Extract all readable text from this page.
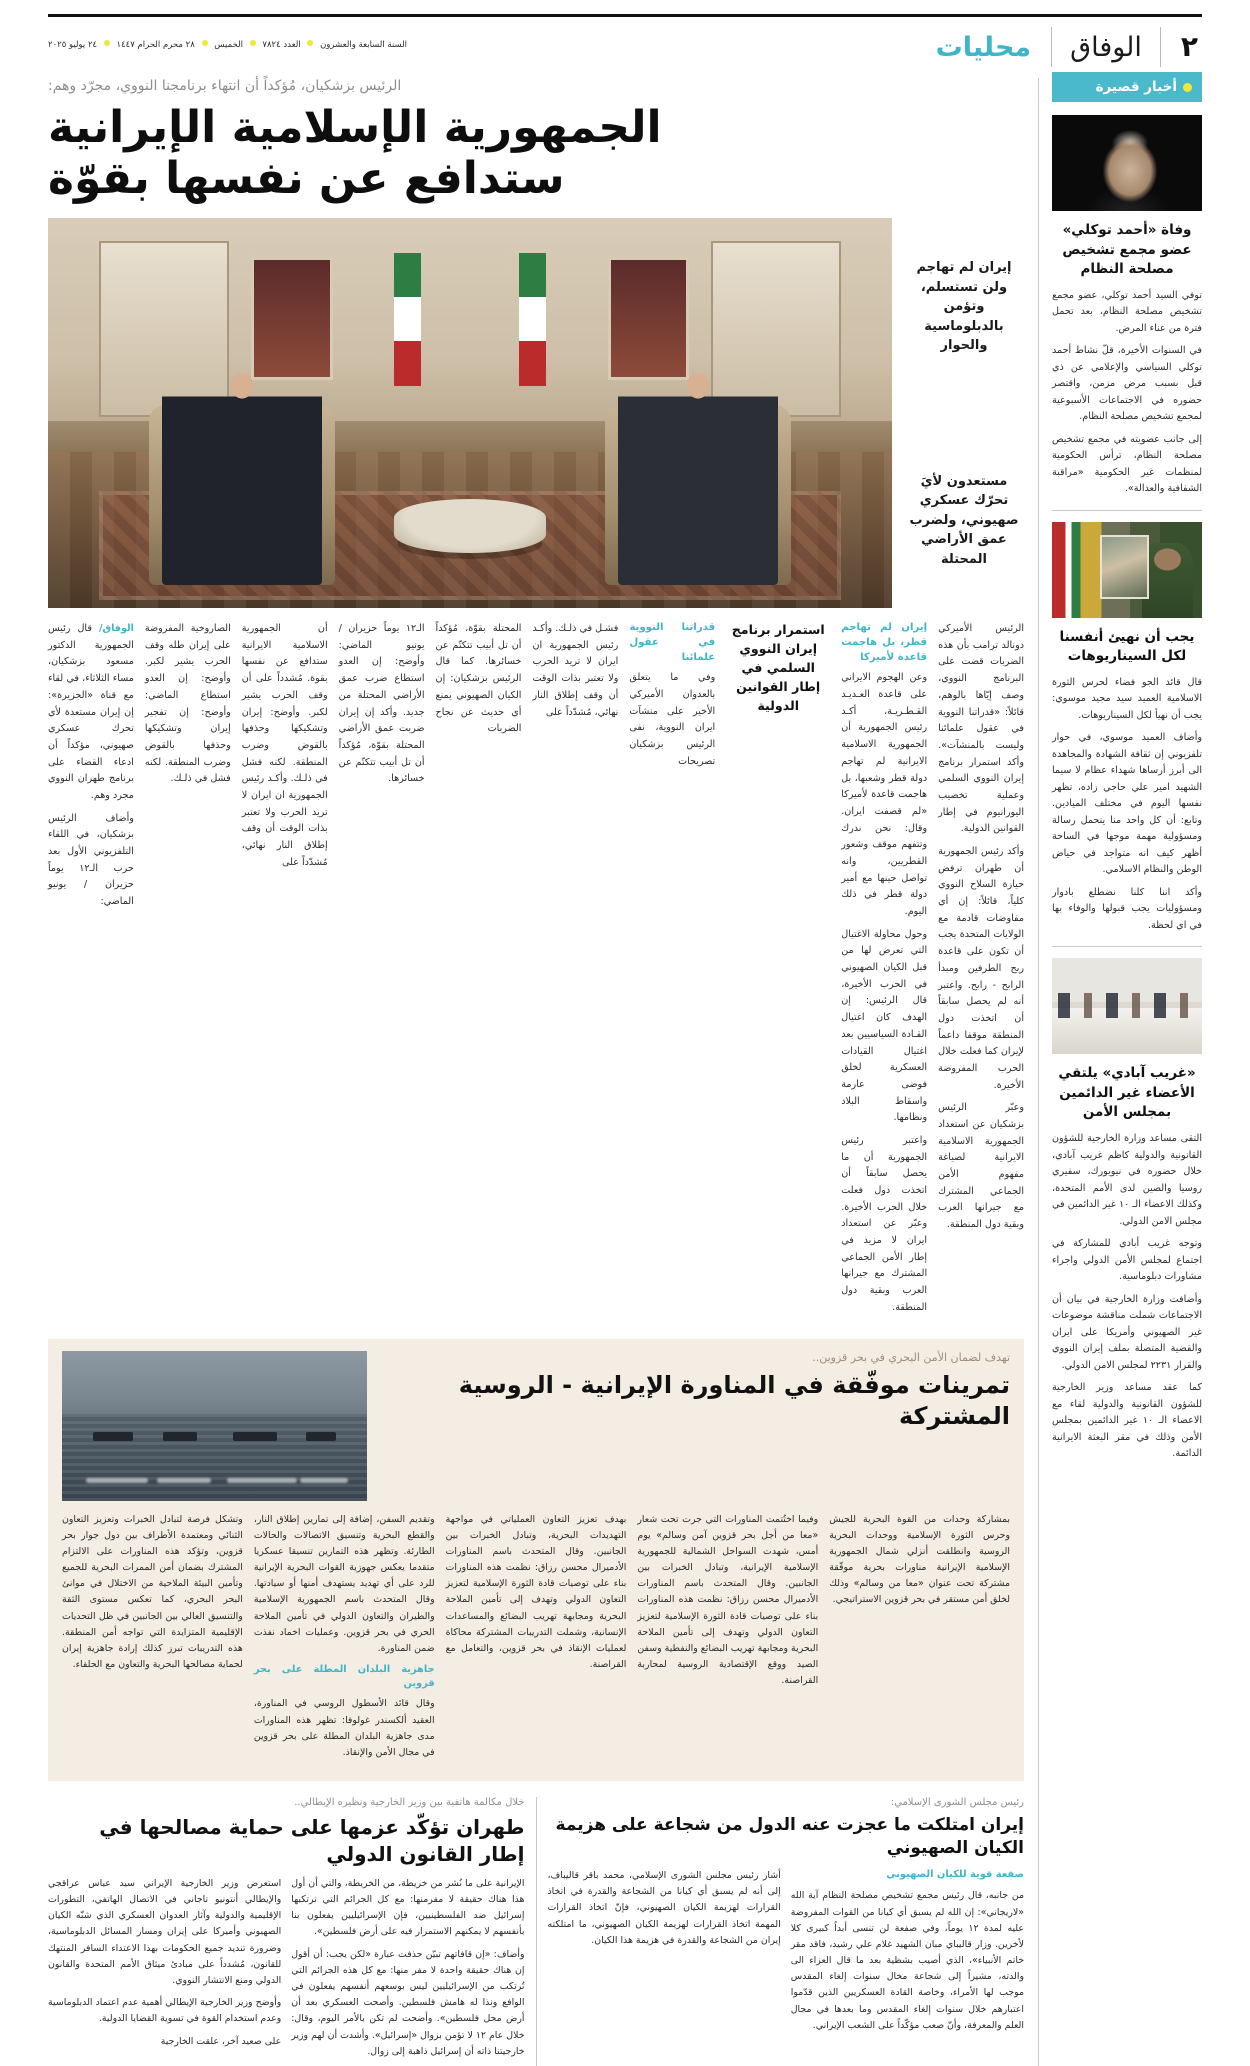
٢
الوفاق
محليات
السنة السابعة والعشرون  العدد ٧٨٢٤  الخميس  ٢٨ محرم الحرام ١٤٤٧  ٢٤ يوليو ٢٠٢٥
أخبار قصيرة
وفاة «أحمد توكلي» عضو مجمع تشخيص مصلحة النظام

توفي السيد أحمد توكلي، عضو مجمع تشخيص مصلحة النظام، بعد تحمل فترة من عناء المرض.

في السنوات الأخيرة، قلّ نشاط أحمد توكلي السياسي والإعلامي عن ذي قبل بسبب مرض مزمن، واقتصر حضوره في الاجتماعات الأسبوعية لمجمع تشخيص مصلحة النظام.

إلى جانب عضويته في مجمع تشخيص مصلحة النظام، ترأس الحكومية لمنظمات غير الحكومية «مراقبة الشفافية والعدالة».

يجب أن نهيئ أنفسنا لكل السيناريوهات

قال قائد الجو فضاء لحرس الثورة الاسلامية العميد سيد مجيد موسوي: يجب أن نهيأ لكل السيناريوهات.

وأضاف العميد موسوي، في حوار تلفزيوني إن ثقافة الشهادة والمجاهدة الى أبرز أرساها شهداء عظام لا سيما الشهيد امير علي حاجي زاده، تظهر نفسها اليوم في مختلف الميادين. وتابع: أن كل واحد منا يتحمل رسالة ومسؤولية مهمة موجها في الساحة أظهر كيف انه متواجد في حياض الوطن والنظام الاسلامي.

وأكد اننا كلنا نضطلع بادوار ومسؤوليات يجب قبولها والوفاء بها في اي لحظة.

«غريب آبادي» يلتقي الأعضاء غير الدائمين بمجلس الأمن

التقى مساعد وزارة الخارجية للشؤون القانونية والدولية كاظم غريب آبادي، خلال حضوره في نيويورك، سفيري روسيا والصين لدى الأمم المتحدة، وكذلك الاعضاء الـ ١٠ غير الدائمين في مجلس الامن الدولي.

وتوجه غريب أبادي للمشاركة في اجتماع لمجلس الأمن الدولي واجراء مشاورات دبلوماسية.

وأضافت وزارة الخارجية في بيان أن الاجتماعات شملت مناقشة موضوعات غير الصهيوني وأمريكا على ايران والقضية المتصلة بملف إيران النووي والقرار ٢٢٣١ لمجلس الامن الدولي.

كما عقد مساعد وزير الخارجية للشؤون القانونية والدولية لقاء مع الاعضاء الـ ١٠ غير الدائمين بمجلس الأمن وذلك في مقر البعثة الايرانية الدائمة.

الرئيس بزشكيان، مُؤكداً أن انتهاء برنامجنا النووي، مجرّد وهم:
الجمهورية الإسلامية الإيرانية
ستدافع عن نفسها بقوّة
إيران لم تهاجم ولن تستسلم، وتؤمن بالدبلوماسية والحوار
مستعدون لأيَ تحرّك عسكري صهيوني، ولضرب عمق الأراضي المحتلة

الرئيس الأميركي دونالد ترامب بأن هذه الضربات قضت على البرنامج النووي، وصف إيّاها بالوهم، قائلاً: «قدراتنا النووية في عقول علمائنا وليست بالمنشآت». وأكد استمرار برنامج إيران النووي السلمي وعملية تخصيب اليورانيوم في إطار القوانين الدولية.

وأكد رئيس الجمهورية أن طهران ترفض حيازة السلاح النووي كلياً، قائلاً: إن أي مفاوضات قادمة مع الولايات المتحدة يجب أن تكون على قاعدة ربح الطرفين ومبدأ الرابح - رابح. واعتبر أنه لم يحصل سابقاً أن اتخذت دول المنطقة موقفا داعماً لإيران كما فعلت خلال الحرب المفروضة الأخيرة.

وعبّر الرئيس بزشكيان عن استعداد الجمهورية الاسلامية الايرانية لصياغة مفهوم الأمن الجماعي المشترك مع جيرانها العرب وبقية دول المنطقة.

إيران لم تهاجم قطر، بل هاجمت قاعدة لأميركا

وعن الهجوم الايراني على قاعدة العـديـد القـطـريـة، أكـد رئيس الجمهورية أن الجمهورية الاسلامية الايرانية لم تهاجم دولة قطر وشعبها، بل هاجمت قاعدة لأميركا «لم قصفت ايران. وقال: نحن ندرك وتتفهم موقف وشعور القطريين، وانه تواصل حينها مع أمير دولة قطر في ذلك اليوم.

وحول محاولة الاغتيال التي تعرض لها من قبل الكيان الصهيوني في الحرب الأخيرة، قال الرئيس: إن الهدف كان اغتيال القـادة السياسيين بعد اغتيال القيادات العسكرية لخلق فوضى عارمة واسقاط البلاد ونظامها.

واعتبر رئيس الجمهورية أن ما يحصل سابقاً أن اتخذت دول فعلت خلال الحرب الأخيرة. وعبّر عن استعداد ايران لا مزيد في إطار الأمن الجماعي المشترك مع جيرانها العرب وبقية دول المنطقة.

استمرار برنامج إيران النووي السلمي في إطار القوانين الدولية

قدراتنا النووية في عقول علمائنا

وفي ما يتعلق بالعدوان الأميركي الأخير على منشآت ايران النووية، نفى الرئيس بزشكيان تصريحات

فشـل في ذلـك. وأكـد رئيس الجمهورية ان ايران لا تريد الحرب ولا تعتبر بذات الوقت أن وقف إطلاق النار نهائي، مُشدّداً على

المحتلة بقوّة، مُؤكداً أن تل أبيب تتكتّم عن خسائرها. كما قال الرئيس بزشكيان: إن الكيان الصهيوني يمنع أي حديث عن نجاح الضربات

الـ١٢ يوماً حزيران / يونيو الماضي: وأوضح: إن العدو استطاع ضرب عمق الأراضي المحتلة من جديد. وأكد إن إيران ضربت عمق الأراضي المحتلة بقوّة، مُؤكداً أن تل أبيب تتكتّم عن خسائرها.

أن الجمهورية الاسلامية الايرانية ستدافع عن نفسها بقوة. مُشدداً على أن وقف الحرب يشير لكبر. وأوضح: إيران وتشكيكها وحذفها بالقوض وضرب المنطقة. لكنه فشل في ذلـك. وأكـد رئيس الجمهورية ان ايران لا تريد الحرب ولا تعتبر بذات الوقت أن وقف إطلاق النار نهائي، مُشدّداً على

الصاروخية المفروضة على إيران طله وقف الحرب يشير لكبر. وأوضح: إن العدو استطاع الماضي: وأوضح: إن تفجير إيران وتشكيكها وحذفها بالقوض وضرب المنطقة. لكنه فشل في ذلـك.

الوفاق/ قال رئيس الجمهورية الدكتور مسعود بزشكيان، مساء الثلاثاء، في لقاء مع قناة «الجزيرة»: إن إيران مستعدة لأي تحرك عسكري صهيوني، مؤكداً أن ادعاء القضاء على برنامج طهران النووي مجرد وهم.

وأضاف الرئيس بزشكيان، في اللقاء التلفزيوني الأول بعد حرب الـ١٢ يوماً حزيران / يونيو الماضي:

تهدف لضمان الأمن البحري في بحر قزوين..
تمرينات موفّقة في المناورة الإيرانية - الروسية المشتركة

بمشاركة وحدات من القوة البحرية للجيش وحرس الثورة الإسلامية ووحدات البحرية الروسية وانطلقت أنزلي شمال الجمهورية الإسلامية الإيرانية مناورات بحرية موفّقة مشتركة تحت عنوان «معا من وسالم» وذلك لخلق أمن مستقر في بحر قزوين الاستراتيجي.

وفيما اختُتمت المناورات التي جرت تحت شعار «معا من أجل بحر قزوين آمن وسالم» يوم أمس، شهدت السواحل الشمالية للجمهورية الإسلامية الإيرانية، وتبادل الخبرات بين الجانبين. وقال المتحدث باسم المناورات الأدميرال محسن رزاق: نظمت هذه المناورات بناء على توصيات قادة الثورة الإسلامية لتعزيز التعاون الدولي وتهدف إلى تأمين الملاحة البحرية ومجابهة تهريب البضائع والنفطية وسفن الصيد ووقع الإقتصادية الروسية لمحاربة القراصنة.

بهدف تعزيز التعاون العملياتي في مواجهة التهديدات البحرية، وتبادل الخبرات بين الجانبين. وقال المتحدث باسم المناورات الأدميرال محسن رزاق: نظمت هذه المناورات بناء على توصيات قادة الثورة الإسلامية لتعزيز التعاون الدولي وتهدف إلى تأمين الملاحة البحرية ومجابهة تهريب البضائع والمساعدات الإنسانية، وشملت التدريبات المشتركة محاكاة لعمليات الإنقاذ في بحر قزوين، والتعامل مع القراصنة.

وتقديم السفن، إضافة إلى تمارين إطلاق النار، والقطع البحرية وتنسيق الاتصالات والحالات الطارئة. وتظهر هذه التمارين تنسيقا عسكريا متقدما يعكس جهوزية القوات البحرية الإيرانية للرد على أي تهديد يستهدف أمنها أو سيادتها. وقال المتحدث باسم الجمهورية الإسلامية والطيران والتعاون الدولي في تأمين الملاحة الحري في بحر قزوين. وعمليات اخماد نفذت ضمن المناورة.

جاهزية البلدان المطلة على بحر قزوين

وقال قائد الأسطول الروسي في المناورة، العقيد ألكسندر غولوفا: تظهر هذه المناورات مدى جاهزية البلدان المطلة على بحر قزوين في مجال الأمن والإنقاذ.

وتشكل فرصة لتبادل الخبرات وتعزيز التعاون الثنائي ومعتمدة الأطراف بين دول جوار بحر قزوين، وتؤكد هذه المناورات على الالتزام المشترك بضمان أمن الممرات البحرية للجميع وتأمين البيئة الملاحية من الاختلال في موانئ البحر البحري، كما تعكس مستوى الثقة والتنسيق العالي بين الجانبين في ظل التحديات الإقليمية المتزايدة التي تواجه أمن المنطقة. هذه التدريبات تبرز كذلك إرادة جاهزية إيران لحماية مصالحها البحرية والتعاون مع الحلفاء.

رئيس مجلس الشورى الإسلامي:
إيران امتلكت ما عجزت عنه الدول من شجاعة على هزيمة الكيان الصهيوني

صفعة قوية للكيان الصهيوني

من جانبه، قال رئيس مجمع تشخيص مصلحة النظام آية الله «لاريجاني»: إن الله لم يسبق أي كيانا من القوات المفروضة عليه لمدة ١٢ يوماً، وفي صفعة لن تنسى أبداً كبيرى كلا لأخرين. وزار قاليباي مبان الشهيد غلام علي رشيد، فاقد مقر خاتم الأنبياء»، الذي أصيب بشظية بعد ما قال العزاء الى والدته، مشيراً إلى شجاعة مخال سنوات إلغاء المقدس موجب لها الأمراء، وخاصة القادة العسكريين الذين قدّموا اعتبارهم خلال سنوات إلغاء المقدس وما بعدها في مجال العلم والمعرفة، وأنّ صعب مؤكّداً على الشعب الإيراني.

أشار رئيس مجلس الشورى الإسلامي، محمد باقر قاليباف، إلى أنه لم يسبق أي كيانا من الشجاعة والقدرة في اتخاذ القرارات لهزيمة الكيان الصهيوني، فإنّ اتخاذ القرارات المهمة اتخاذ القرارات لهزيمة الكيان الصهيوني، ما امتلكته إيران من الشجاعة والقدرة في هزيمة هذا الكيان.

خلال مكالمة هاتفية بين وزير الخارجية ونظيره الإيطالي..
طهران تؤكّد عزمها على حماية مصالحها في إطار القانون الدولي

الإيرانية على ما نُشر من خريطة، من الخريطة، والتي أن أول هذا هناك حقيقة لا مفرمنها: مع كل الجرائم التي ترتكبها إسرائيل ضد الفلسطينيين، فإن الإسرائيليين يفعلون بنا بأنفسهم لا يمكنهم الاستمرار فيه على أرض فلسطين».

وأضاف: «إن قافاتهم تبيّن حذفت عبارة «لكن يجب: أن أقول إن هناك حقيقة واحدة لا مفر منها: مع كل هذه الجرائم التي تُرتكب من الإسرائيليين ليس بوسعهم أنفسهم يفعلون في الوافع ونذا له هامش فلسطين. وأصحت العسكري بعد أن أرض محل فلسطين». وأضحت لم تكن بالأمر اليوم، وقال: خلال عام ١٢ لا تؤمن بزوال «إسرائيل». وأشدت أن لهم وزير خارجيتنا ذاته أن إسرائيل ذاهبة إلى زوال.

استعرض وزير الخارجية الإيراني سيد عباس عراقجي والإيطالي أنتونيو تاجاني في الاتصال الهاتفي، التطورات الإقليمية والدولية وآثار العدوان العسكري الذي شنّه الكيان الصهيوني وأميركا على إيران ومسار المسائل الدبلوماسية، وضرورة تنديد جميع الحكومات بهذا الاعتداء السافر المنتهك للقانون، مُشدداً على مبادئ ميثاق الأمم المتحدة والقانون الدولي ومنع الانتشار النووي.

وأوضح وزير الخارجية الإيطالي أهمية عدم اعتماد الدبلوماسية وعدم استخدام القوة في تسوية القضايا الدولية.

على صعيد آخر، علقت الخارجية
